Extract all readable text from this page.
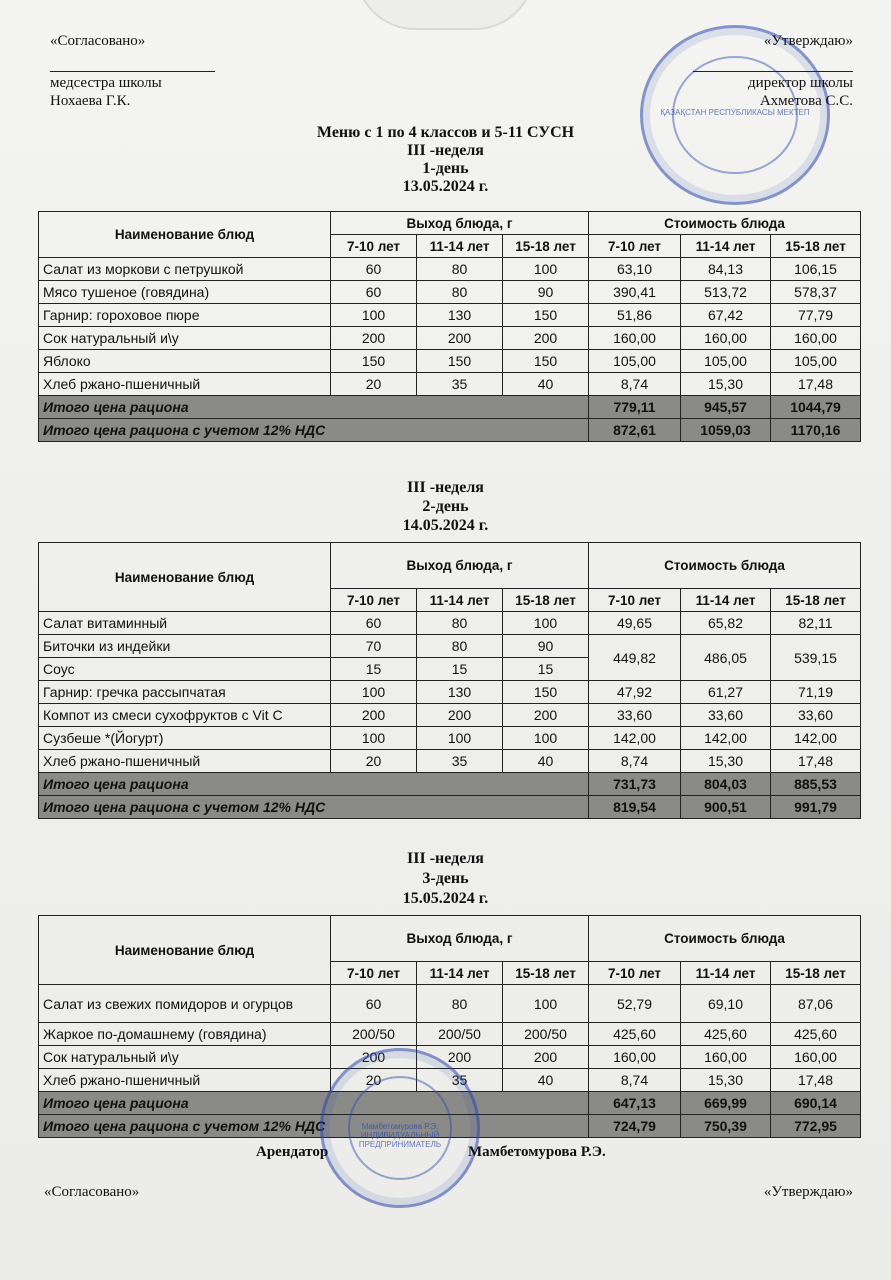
«Согласовано»
медсестра школы
Нохаева Г.К.
ҚАЗАҚСТАН РЕСПУБЛИКАСЫ МЕКТЕП
«Утверждаю»
директор школы
Ахметова С.С.
Меню с 1 по 4 классов и 5-11 СУСН
III -неделя
1-день
13.05.2024 г.
Наименование блюд	Выход блюда, г			Стоимость блюда		
	7-10 лет	11-14 лет	15-18 лет	7-10 лет	11-14 лет	15-18 лет
Салат из моркови с петрушкой	60	80	100	63,10	84,13	106,15
Мясо тушеное (говядина)	60	80	90	390,41	513,72	578,37
Гарнир: гороховое пюре	100	130	150	51,86	67,42	77,79
Сок натуральный и\у	200	200	200	160,00	160,00	160,00
Яблоко	150	150	150	105,00	105,00	105,00
Хлеб ржано-пшеничный	20	35	40	8,74	15,30	17,48
Итого цена рациона				779,11	945,57	1044,79
Итого цена рациона с учетом 12% НДС				872,61	1059,03	1170,16
III -неделя
2-день
14.05.2024 г.
Наименование блюд	Выход блюда, г			Стоимость блюда		
	7-10 лет	11-14 лет	15-18 лет	7-10 лет	11-14 лет	15-18 лет
Салат витаминный	60	80	100	49,65	65,82	82,11
Биточки из индейки	70	80	90	449,82	486,05	539,15
Соус	15	15	15			
Гарнир: гречка рассыпчатая	100	130	150	47,92	61,27	71,19
Компот из смеси сухофруктов с Vit C	200	200	200	33,60	33,60	33,60
Сузбеше *(Йогурт)	100	100	100	142,00	142,00	142,00
Хлеб ржано-пшеничный	20	35	40	8,74	15,30	17,48
Итого цена рациона				731,73	804,03	885,53
Итого цена рациона с учетом 12% НДС				819,54	900,51	991,79
III -неделя
3-день
15.05.2024 г.
Наименование блюд	Выход блюда, г			Стоимость блюда		
	7-10 лет	11-14 лет	15-18 лет	7-10 лет	11-14 лет	15-18 лет
Салат из свежих помидоров и огурцов	60	80	100	52,79	69,10	87,06
Жаркое по-домашнему (говядина)	200/50	200/50	200/50	425,60	425,60	425,60
Сок натуральный и\у	200	200	200	160,00	160,00	160,00
Хлеб ржано-пшеничный	20	35	40	8,74	15,30	17,48
Итого цена рациона				647,13	669,99	690,14
Итого цена рациона с учетом 12% НДС				724,79	750,39	772,95
Мамбетомурова Р.Э. ИНДИВИДУАЛЬНЫЙ ПРЕДПРИНИМАТЕЛЬ
Арендатор	Мамбетомурова Р.Э.
«Согласовано»	«Утверждаю»
